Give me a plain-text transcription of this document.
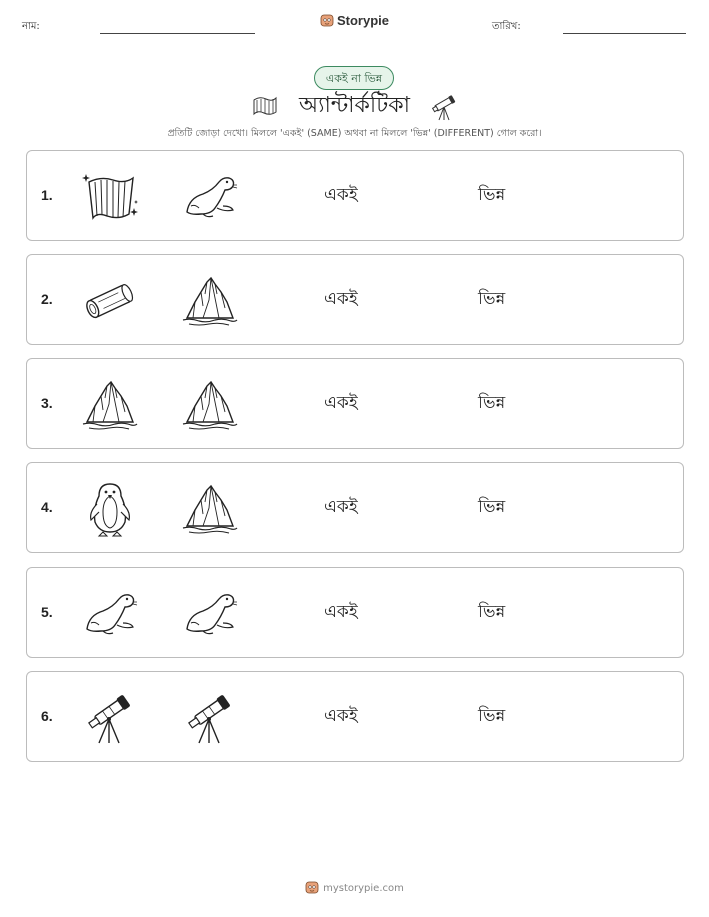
নাম:	Storypie	তারিখ:
একই না ভিন্ন
অ্যান্টার্কটিকা
প্রতিটি জোড়া দেখো। মিললে 'একই' (SAME) অথবা না মিললে 'ভিন্ন' (DIFFERENT) গোল করো।
1.	একই	ভিন্ন
2.	একই	ভিন্ন
3.	একই	ভিন্ন
4.	একই	ভিন্ন
5.	একই	ভিন্ন
6.	একই	ভিন্ন
mystorypie.com
